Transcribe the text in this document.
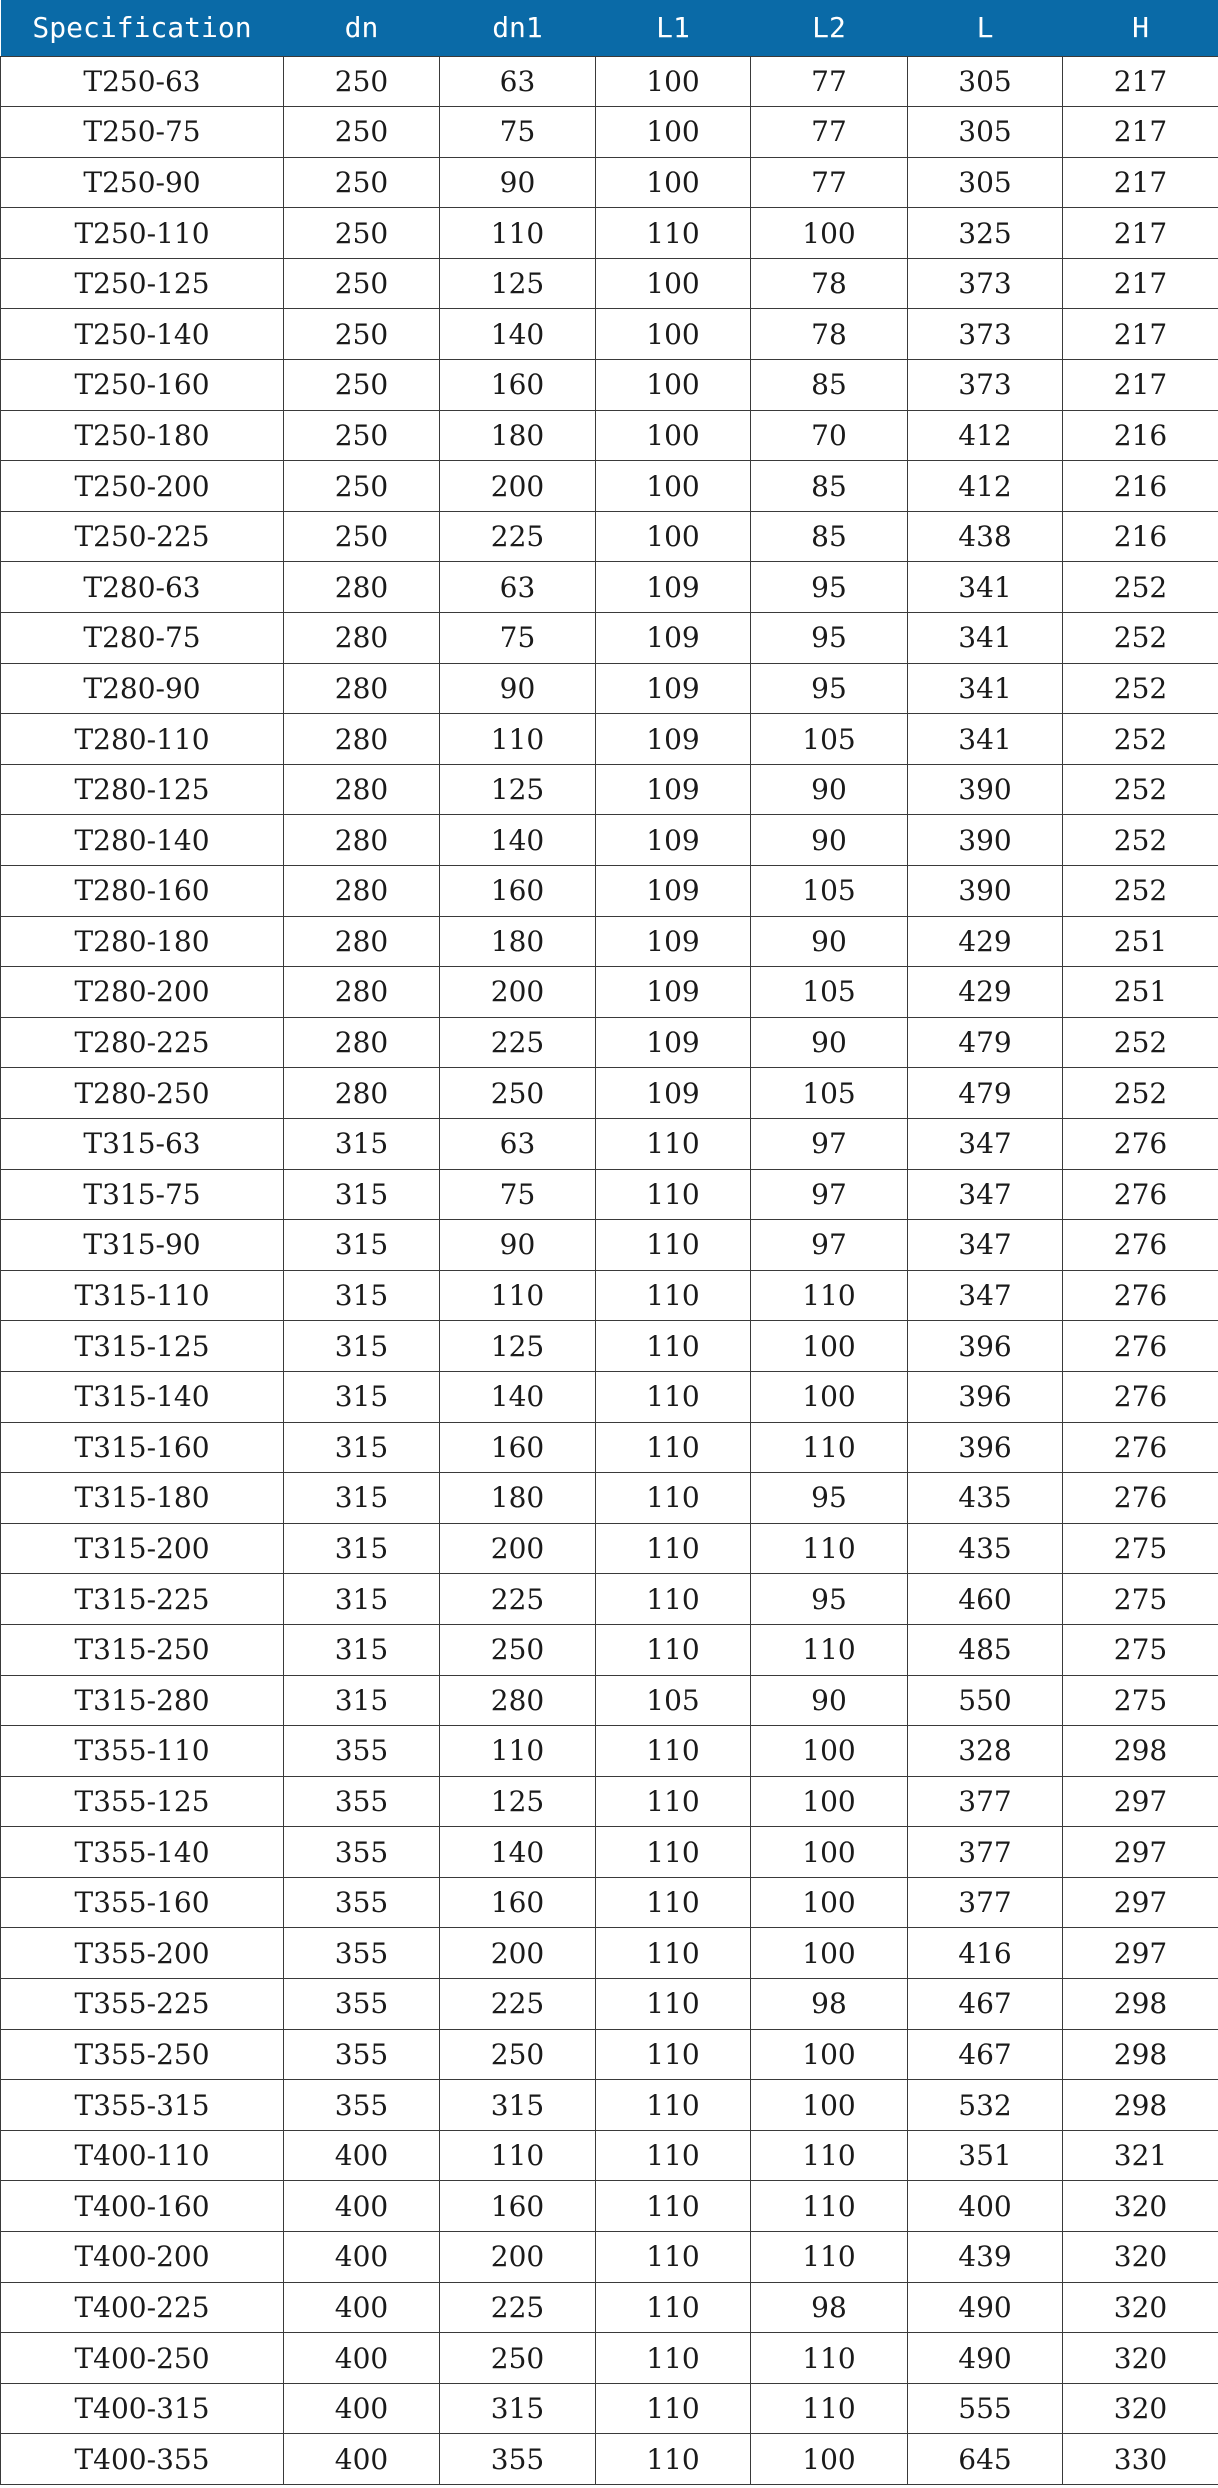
Specification	dn	dn1	L1	L2	L	H
T250-63	250	63	100	77	305	217
T250-75	250	75	100	77	305	217
T250-90	250	90	100	77	305	217
T250-110	250	110	110	100	325	217
T250-125	250	125	100	78	373	217
T250-140	250	140	100	78	373	217
T250-160	250	160	100	85	373	217
T250-180	250	180	100	70	412	216
T250-200	250	200	100	85	412	216
T250-225	250	225	100	85	438	216
T280-63	280	63	109	95	341	252
T280-75	280	75	109	95	341	252
T280-90	280	90	109	95	341	252
T280-110	280	110	109	105	341	252
T280-125	280	125	109	90	390	252
T280-140	280	140	109	90	390	252
T280-160	280	160	109	105	390	252
T280-180	280	180	109	90	429	251
T280-200	280	200	109	105	429	251
T280-225	280	225	109	90	479	252
T280-250	280	250	109	105	479	252
T315-63	315	63	110	97	347	276
T315-75	315	75	110	97	347	276
T315-90	315	90	110	97	347	276
T315-110	315	110	110	110	347	276
T315-125	315	125	110	100	396	276
T315-140	315	140	110	100	396	276
T315-160	315	160	110	110	396	276
T315-180	315	180	110	95	435	276
T315-200	315	200	110	110	435	275
T315-225	315	225	110	95	460	275
T315-250	315	250	110	110	485	275
T315-280	315	280	105	90	550	275
T355-110	355	110	110	100	328	298
T355-125	355	125	110	100	377	297
T355-140	355	140	110	100	377	297
T355-160	355	160	110	100	377	297
T355-200	355	200	110	100	416	297
T355-225	355	225	110	98	467	298
T355-250	355	250	110	100	467	298
T355-315	355	315	110	100	532	298
T400-110	400	110	110	110	351	321
T400-160	400	160	110	110	400	320
T400-200	400	200	110	110	439	320
T400-225	400	225	110	98	490	320
T400-250	400	250	110	110	490	320
T400-315	400	315	110	110	555	320
T400-355	400	355	110	100	645	330
